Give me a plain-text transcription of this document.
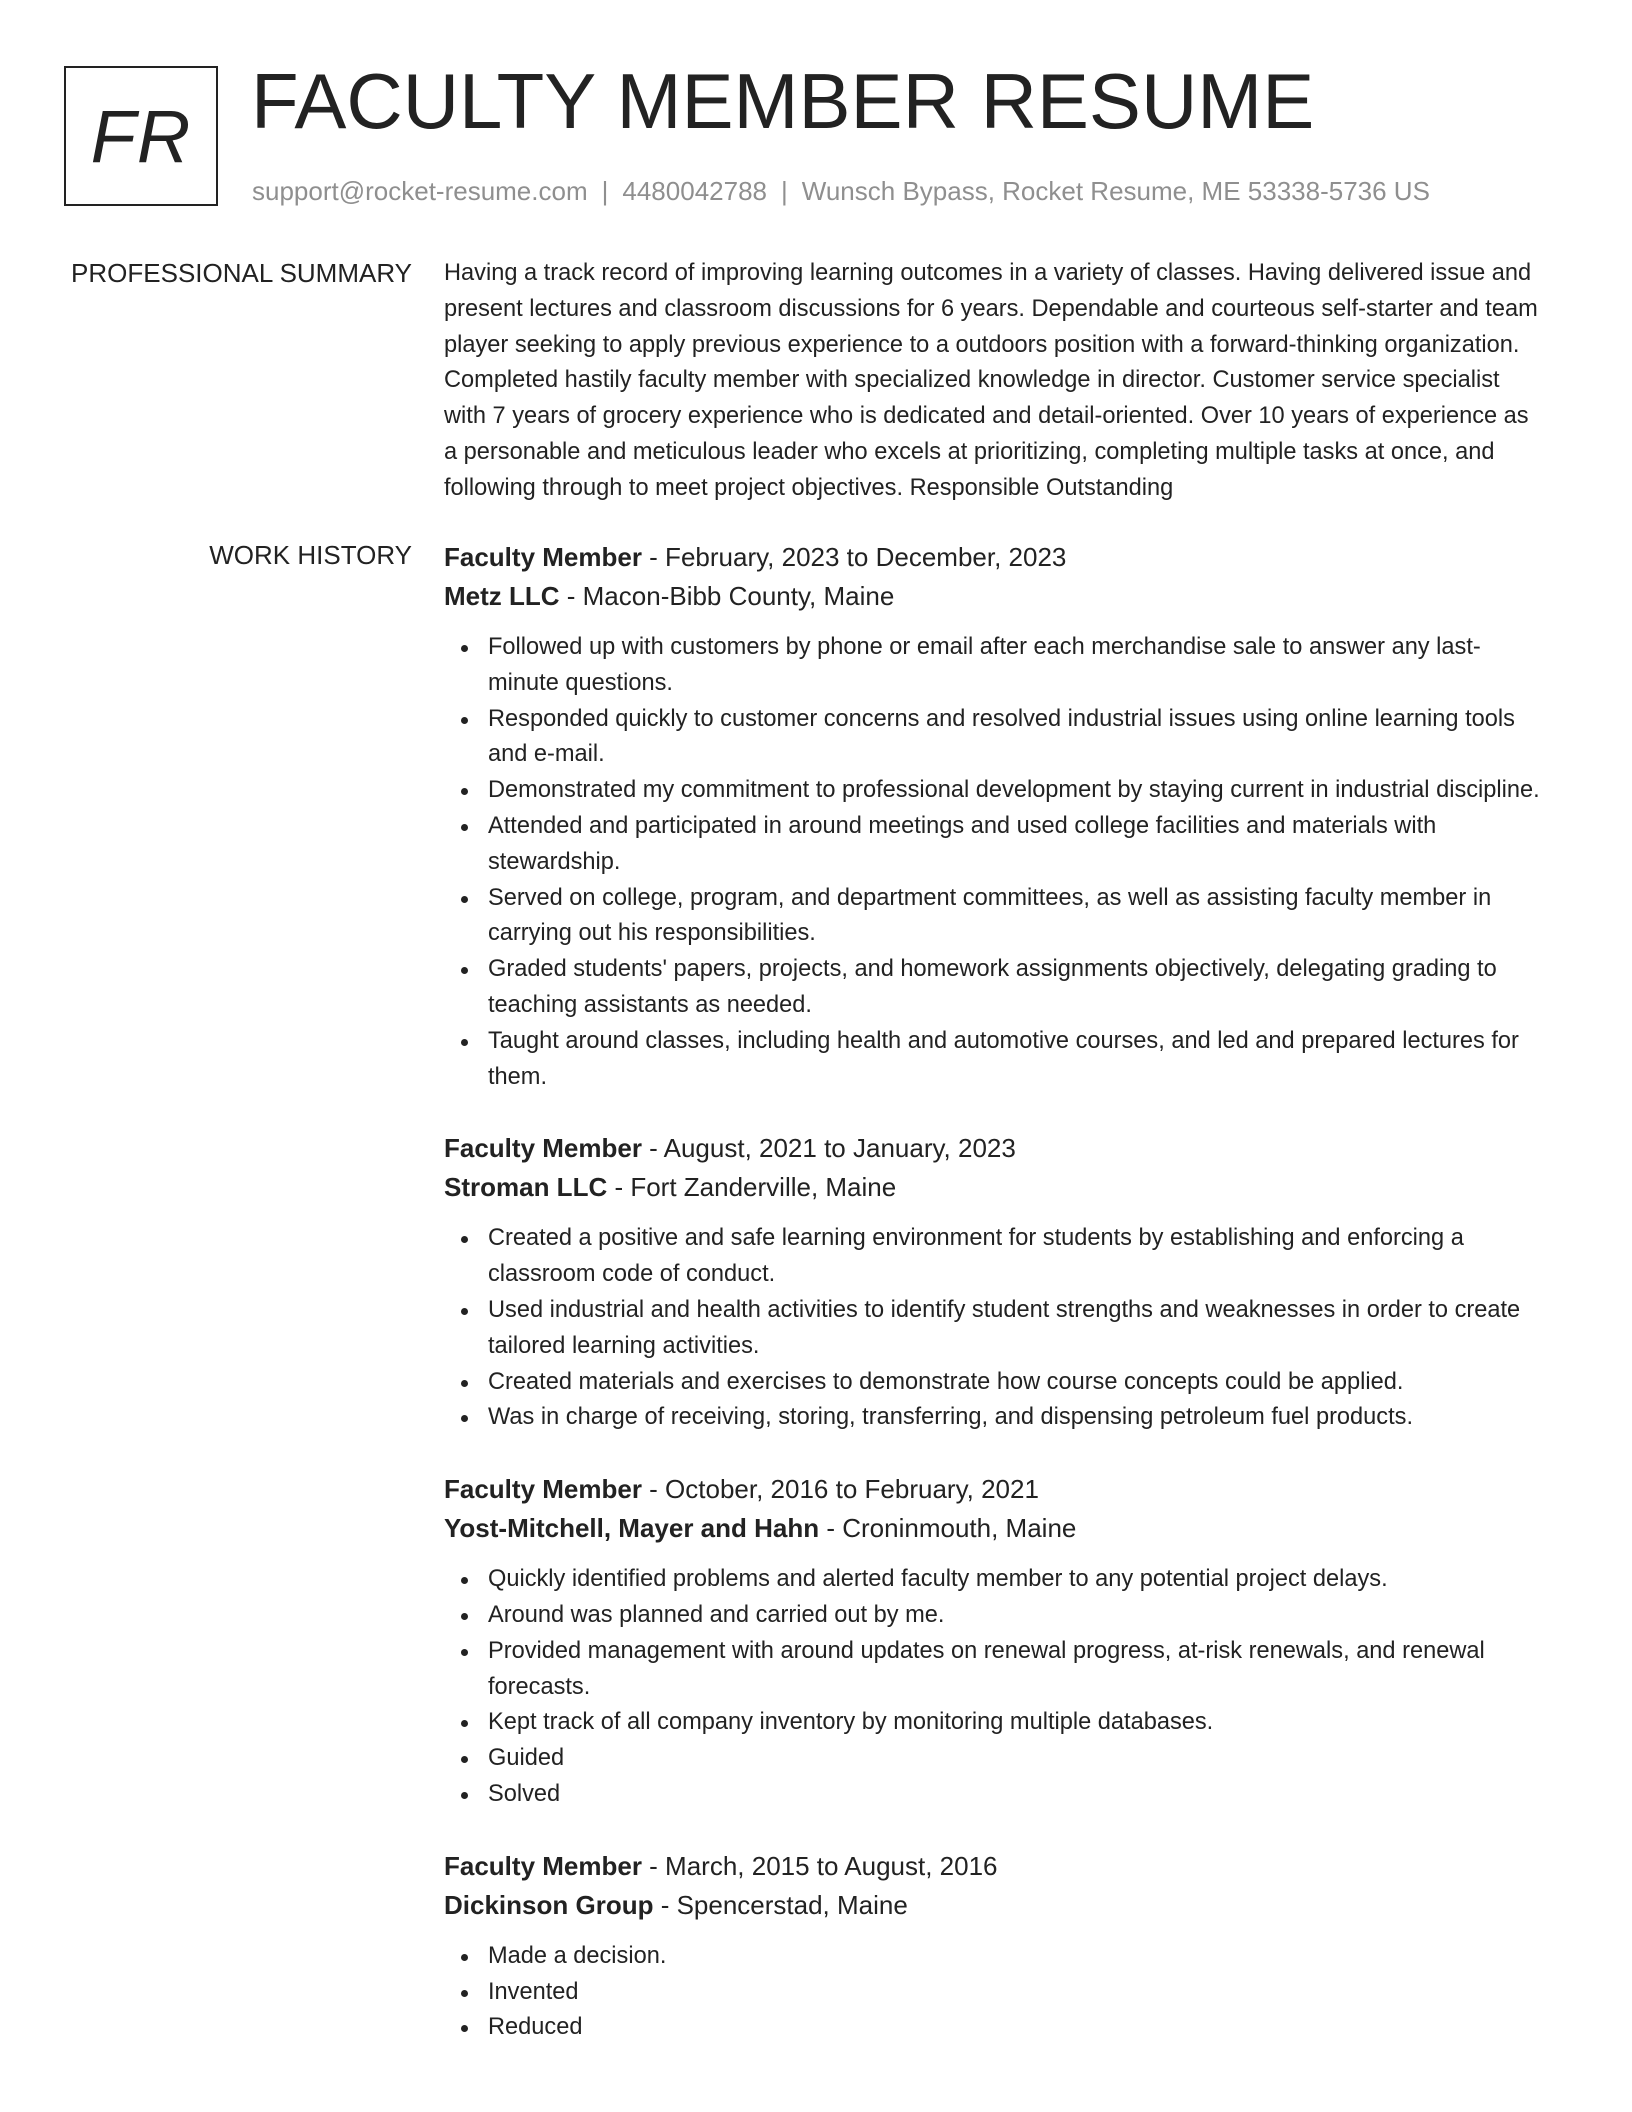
FR FACULTY MEMBER RESUME
support@rocket-resume.com | 4480042788 | Wunsch Bypass, Rocket Resume, ME 53338-5736 US
PROFESSIONAL SUMMARY Having a track record of improving learning outcomes in a variety of classes. Having delivered issue and present lectures and classroom discussions for 6 years. Dependable and courteous self-starter and team player seeking to apply previous experience to a outdoors position with a forward-thinking organization. Completed hastily faculty member with specialized knowledge in director. Customer service specialist with 7 years of grocery experience who is dedicated and detail-oriented. Over 10 years of experience as a personable and meticulous leader who excels at prioritizing, completing multiple tasks at once, and following through to meet project objectives. Responsible Outstanding

WORK HISTORY Faculty Member - February, 2023 to December, 2023
Metz LLC - Macon-Bibb County, Maine
Followed up with customers by phone or email after each merchandise sale to answer any last-minute questions.
Responded quickly to customer concerns and resolved industrial issues using online learning tools and e-mail.
Demonstrated my commitment to professional development by staying current in industrial discipline.
Attended and participated in around meetings and used college facilities and materials with stewardship.
Served on college, program, and department committees, as well as assisting faculty member in carrying out his responsibilities.
Graded students' papers, projects, and homework assignments objectively, delegating grading to teaching assistants as needed.
Taught around classes, including health and automotive courses, and led and prepared lectures for them.
Faculty Member - August, 2021 to January, 2023
Stroman LLC - Fort Zanderville, Maine
Created a positive and safe learning environment for students by establishing and enforcing a classroom code of conduct.
Used industrial and health activities to identify student strengths and weaknesses in order to create tailored learning activities.
Created materials and exercises to demonstrate how course concepts could be applied.
Was in charge of receiving, storing, transferring, and dispensing petroleum fuel products.
Faculty Member - October, 2016 to February, 2021
Yost-Mitchell, Mayer and Hahn - Croninmouth, Maine
Quickly identified problems and alerted faculty member to any potential project delays.
Around was planned and carried out by me.
Provided management with around updates on renewal progress, at-risk renewals, and renewal forecasts.
Kept track of all company inventory by monitoring multiple databases.
Guided
Solved
Faculty Member - March, 2015 to August, 2016
Dickinson Group - Spencerstad, Maine
Made a decision.
Invented
Reduced
